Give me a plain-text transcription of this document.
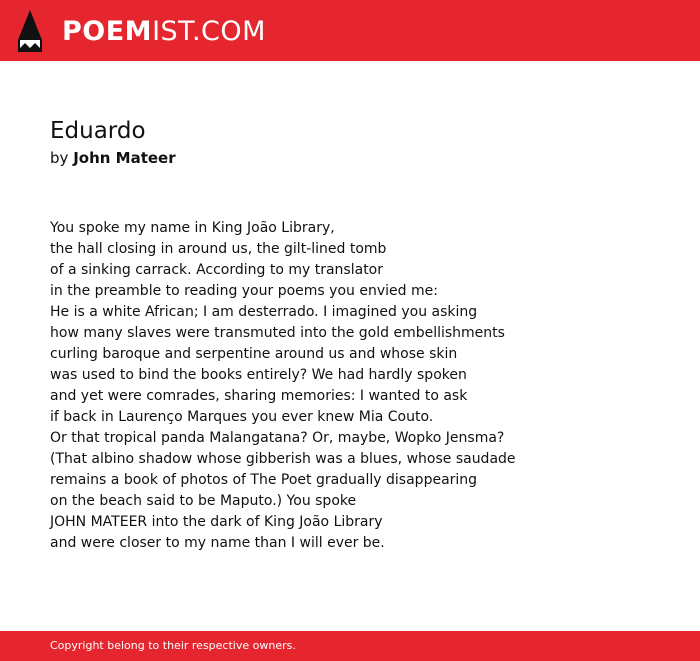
POEMIST.COM
Eduardo

by John Mateer

You spoke my name in King João Library,
the hall closing in around us, the gilt-lined tomb
of a sinking carrack. According to my translator
in the preamble to reading your poems you envied me:
He is a white African; I am desterrado. I imagined you asking
how many slaves were transmuted into the gold embellishments
curling baroque and serpentine around us and whose skin
was used to bind the books entirely? We had hardly spoken
and yet were comrades, sharing memories: I wanted to ask
if back in Laurenço Marques you ever knew Mia Couto.
Or that tropical panda Malangatana? Or, maybe, Wopko Jensma?
(That albino shadow whose gibberish was a blues, whose saudade
remains a book of photos of The Poet gradually disappearing
on the beach said to be Maputo.) You spoke
JOHN MATEER into the dark of King João Library
and were closer to my name than I will ever be.
Copyright belong to their respective owners.
